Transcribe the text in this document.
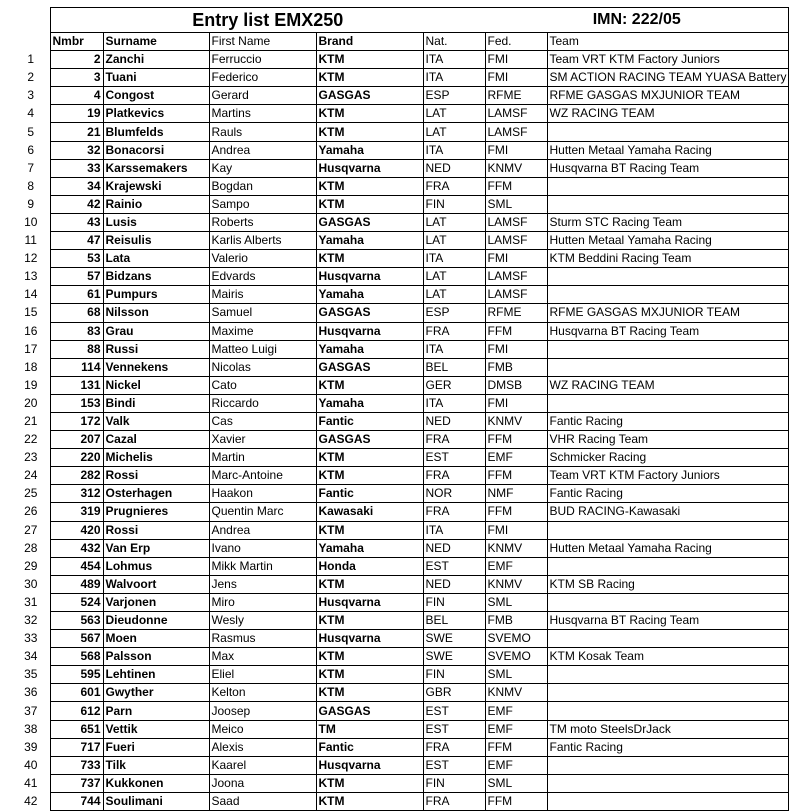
	Entry list EMX250					IMN: 222/05	
	Nmbr	Surname	First Name	Brand	Nat.	Fed.	Team
1	2	Zanchi	Ferruccio	KTM	ITA	FMI	Team VRT KTM Factory Juniors
2	3	Tuani	Federico	KTM	ITA	FMI	SM ACTION RACING TEAM YUASA Battery
3	4	Congost	Gerard	GASGAS	ESP	RFME	RFME GASGAS MXJUNIOR TEAM
4	19	Platkevics	Martins	KTM	LAT	LAMSF	WZ RACING TEAM
5	21	Blumfelds	Rauls	KTM	LAT	LAMSF	
6	32	Bonacorsi	Andrea	Yamaha	ITA	FMI	Hutten Metaal Yamaha Racing
7	33	Karssemakers	Kay	Husqvarna	NED	KNMV	Husqvarna BT Racing Team
8	34	Krajewski	Bogdan	KTM	FRA	FFM	
9	42	Rainio	Sampo	KTM	FIN	SML	
10	43	Lusis	Roberts	GASGAS	LAT	LAMSF	Sturm STC Racing Team
11	47	Reisulis	Karlis Alberts	Yamaha	LAT	LAMSF	Hutten Metaal Yamaha Racing
12	53	Lata	Valerio	KTM	ITA	FMI	KTM Beddini Racing Team
13	57	Bidzans	Edvards	Husqvarna	LAT	LAMSF	
14	61	Pumpurs	Mairis	Yamaha	LAT	LAMSF	
15	68	Nilsson	Samuel	GASGAS	ESP	RFME	RFME GASGAS MXJUNIOR TEAM
16	83	Grau	Maxime	Husqvarna	FRA	FFM	Husqvarna BT Racing Team
17	88	Russi	Matteo Luigi	Yamaha	ITA	FMI	
18	114	Vennekens	Nicolas	GASGAS	BEL	FMB	
19	131	Nickel	Cato	KTM	GER	DMSB	WZ RACING TEAM
20	153	Bindi	Riccardo	Yamaha	ITA	FMI	
21	172	Valk	Cas	Fantic	NED	KNMV	Fantic Racing
22	207	Cazal	Xavier	GASGAS	FRA	FFM	VHR Racing Team
23	220	Michelis	Martin	KTM	EST	EMF	Schmicker Racing
24	282	Rossi	Marc-Antoine	KTM	FRA	FFM	Team VRT KTM Factory Juniors
25	312	Osterhagen	Haakon	Fantic	NOR	NMF	Fantic Racing
26	319	Prugnieres	Quentin Marc	Kawasaki	FRA	FFM	BUD RACING-Kawasaki
27	420	Rossi	Andrea	KTM	ITA	FMI	
28	432	Van Erp	Ivano	Yamaha	NED	KNMV	Hutten Metaal Yamaha Racing
29	454	Lohmus	Mikk Martin	Honda	EST	EMF	
30	489	Walvoort	Jens	KTM	NED	KNMV	KTM SB Racing
31	524	Varjonen	Miro	Husqvarna	FIN	SML	
32	563	Dieudonne	Wesly	KTM	BEL	FMB	Husqvarna BT Racing Team
33	567	Moen	Rasmus	Husqvarna	SWE	SVEMO	
34	568	Palsson	Max	KTM	SWE	SVEMO	KTM Kosak Team
35	595	Lehtinen	Eliel	KTM	FIN	SML	
36	601	Gwyther	Kelton	KTM	GBR	KNMV	
37	612	Parn	Joosep	GASGAS	EST	EMF	
38	651	Vettik	Meico	TM	EST	EMF	TM moto SteelsDrJack
39	717	Fueri	Alexis	Fantic	FRA	FFM	Fantic Racing
40	733	Tilk	Kaarel	Husqvarna	EST	EMF	
41	737	Kukkonen	Joona	KTM	FIN	SML	
42	744	Soulimani	Saad	KTM	FRA	FFM	
